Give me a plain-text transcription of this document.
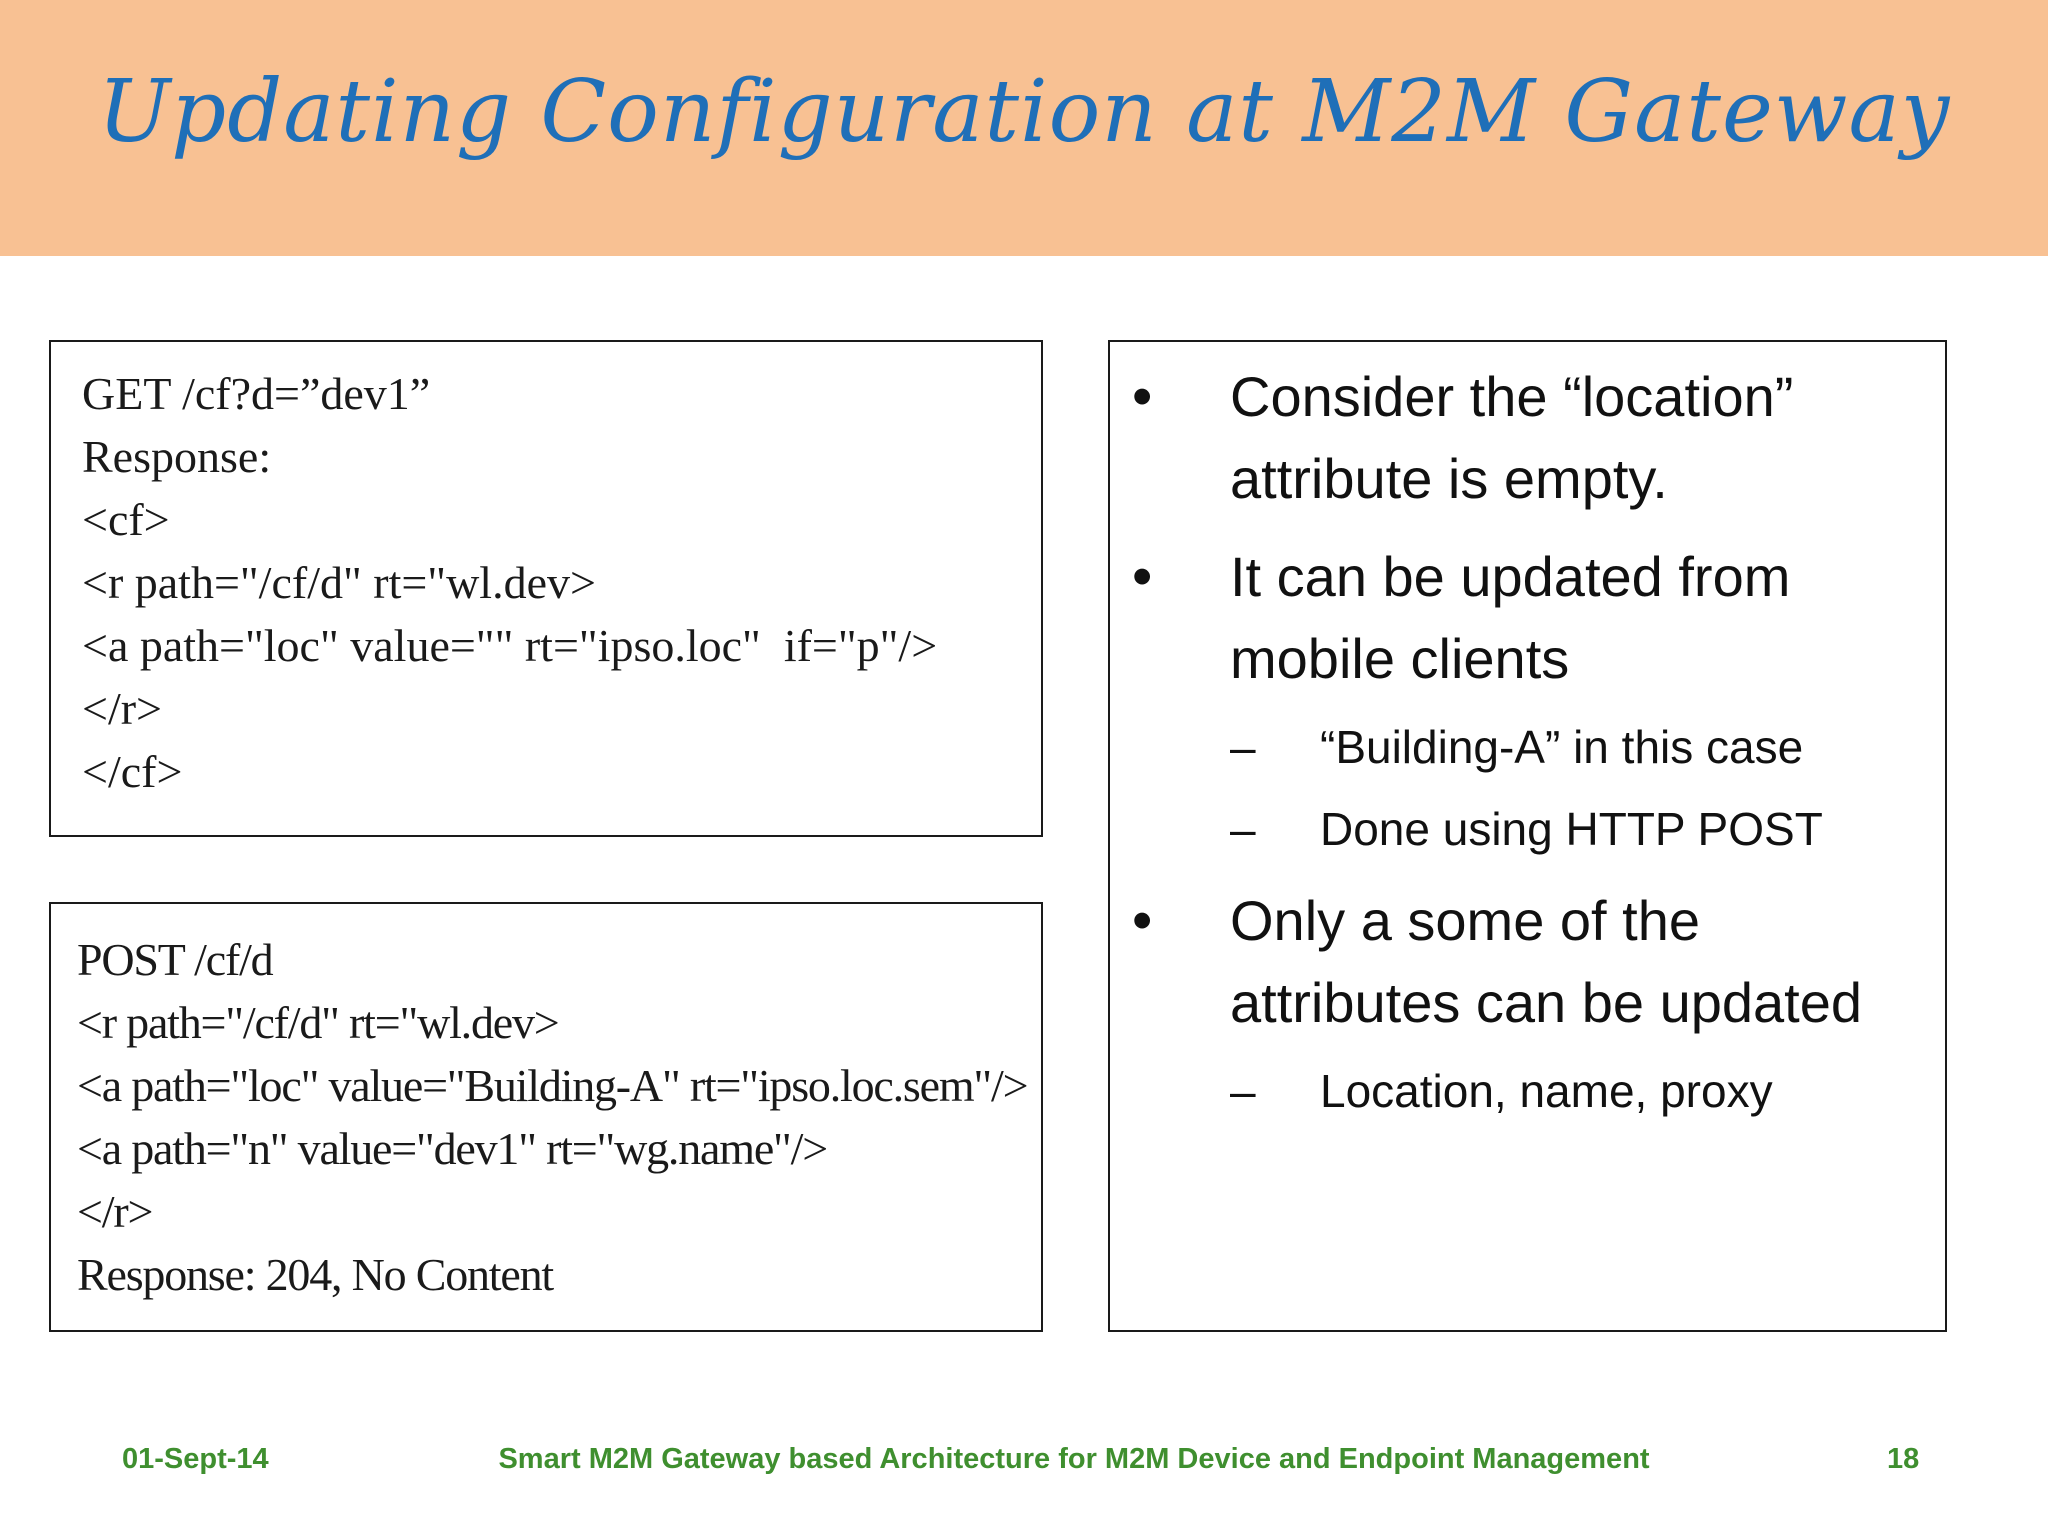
Updating Configuration at M2M Gateway
GET /cf?d=”dev1”
Response:
<cf>
<r path="/cf/d" rt="wl.dev>
<a path="loc" value="" rt="ipso.loc"  if="p"/>
</r>
</cf>
POST /cf/d
<r path="/cf/d" rt="wl.dev>
<a path="loc" value="Building-A" rt="ipso.loc.sem"/>
<a path="n" value="dev1" rt="wg.name"/>
</r>
Response: 204, No Content
• Consider the “location” attribute is empty.
• It can be updated from mobile clients
– “Building-A” in this case
– Done using HTTP POST
• Only a some of the attributes can be updated
– Location, name, proxy
01-Sept-14	Smart M2M Gateway based Architecture for M2M Device and Endpoint Management	18
